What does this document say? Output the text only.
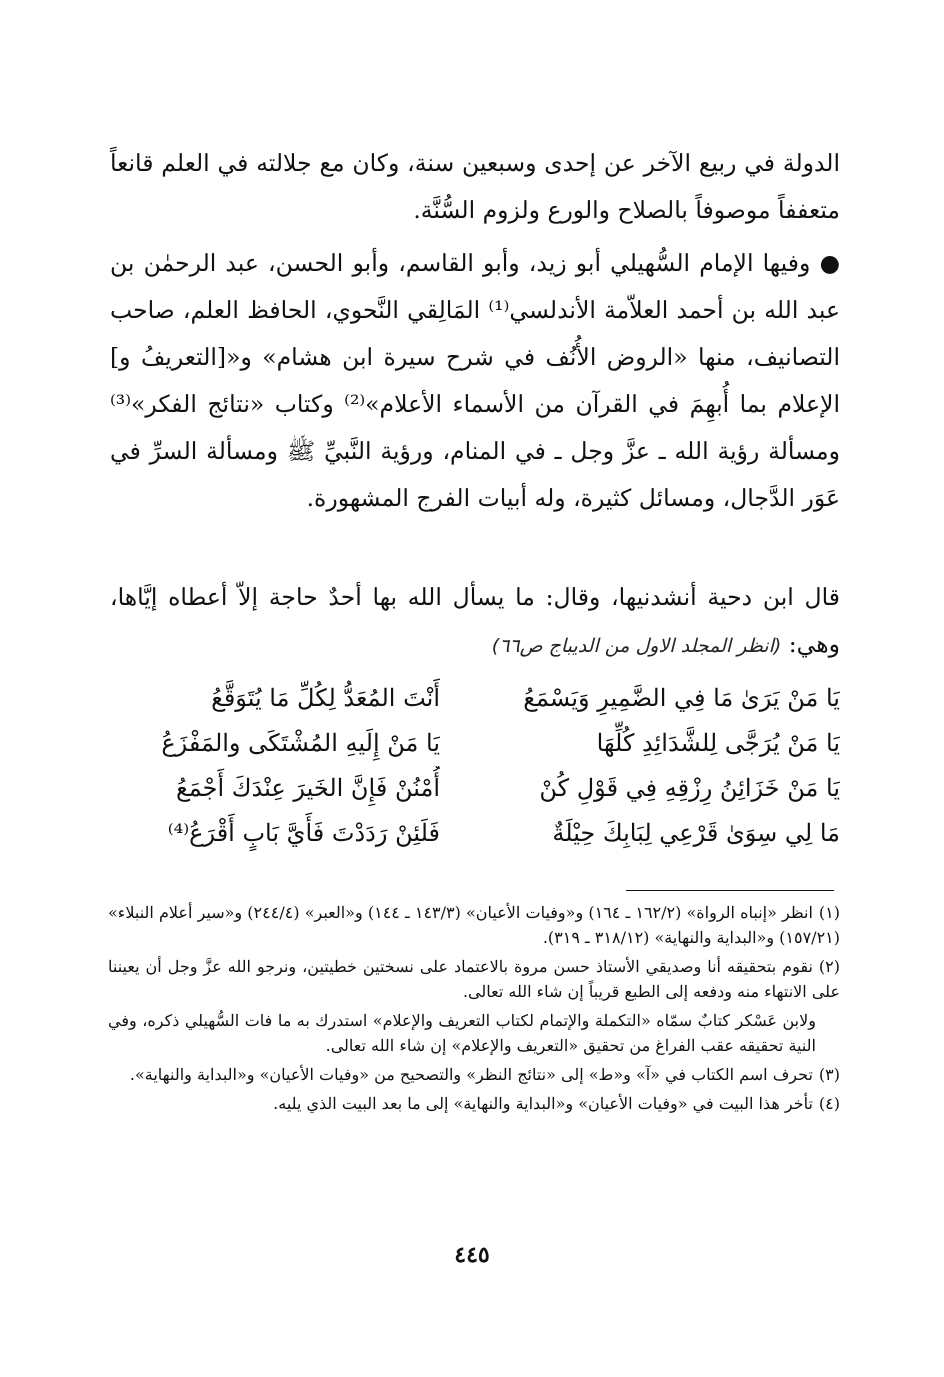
الدولة في ربيع الآخر عن إحدى وسبعين سنة، وكان مع جلالته في العلم قانعاً متعففاً موصوفاً بالصلاح والورع ولزوم السُّنَّة.

● وفيها الإمام السُّهيلي أبو زيد، وأبو القاسم، وأبو الحسن، عبد الرحمٰن بن عبد الله بن أحمد العلاّمة الأندلسي⁽¹⁾ المَالِقي النَّحوي، الحافظ العلم، صاحب التصانيف، منها «الروض الأُنُف في شرح سيرة ابن هشام» و«[التعريفُ و] الإعلام بما أُبهِمَ في القرآن من الأسماء الأعلام»⁽²⁾ وكتاب «نتائج الفكر»⁽³⁾ ومسألة رؤية الله ـ عزَّ وجل ـ في المنام، ورؤية النَّبيِّ ﷺ ومسألة السرِّ في عَوَر الدَّجال، ومسائل كثيرة، وله أبيات الفرج المشهورة.

قال ابن دحية أنشدنيها، وقال: ما يسأل الله بها أحدٌ حاجة إلاّ أعطاه إيَّاها، وهي: (انظر المجلد الاول من الديباج ص٦٦)

يَا مَنْ يَرَىٰ مَا فِي الضَّمِيرِ وَيَسْمَعُ
أَنْتَ المُعَدُّ لِكُلِّ مَا يُتَوَقَّعُ
يَا مَنْ يُرَجَّى لِلشَّدَائِدِ كُلِّهَا
يَا مَنْ إِلَيهِ المُشْتَكَى والمَفْزَعُ
يَا مَنْ خَزَائِنُ رِزْقِهِ فِي قَوْلِ كُنْ
أُمْنُنْ فَإِنَّ الخَيرَ عِنْدَكَ أَجْمَعُ
مَا لِي سِوَىٰ قَرْعِي لِبَابِكَ حِيْلَةٌ
فَلَئِنْ رَدَدْتَ فَأَيَّ بَابٍ أَقْرَعُ⁽⁴⁾

(١)انظر «إنباه الرواة» (١٦٢/٢ ـ ١٦٤) و«وفيات الأعيان» (١٤٣/٣ ـ ١٤٤) و«العبر» (٢٤٤/٤) و«سير أعلام النبلاء» (١٥٧/٢١) و«البداية والنهاية» (٣١٨/١٢ ـ ٣١٩).

(٢)نقوم بتحقيقه أنا وصديقي الأستاذ حسن مروة بالاعتماد على نسختين خطيتين، ونرجو الله عزَّ وجل أن يعيننا على الانتهاء منه ودفعه إلى الطبع قريباً إن شاء الله تعالى.

ولابن عَسْكر كتابٌ سمّاه «التكملة والإتمام لكتاب التعريف والإعلام» استدرك به ما فات السُّهيلي ذكره، وفي النية تحقيقه عقب الفراغ من تحقيق «التعريف والإعلام» إن شاء الله تعالى.

(٣)تحرف اسم الكتاب في «آ» و«ط» إلى «نتائج النظر» والتصحيح من «وفيات الأعيان» و«البداية والنهاية».

(٤)تأخر هذا البيت في «وفيات الأعيان» و«البداية والنهاية» إلى ما بعد البيت الذي يليه.

٤٤٥
